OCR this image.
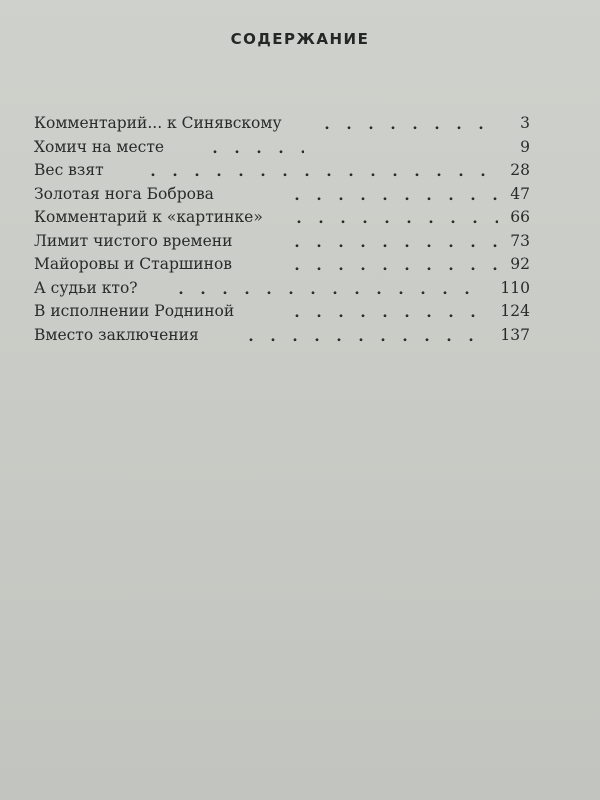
СОДЕРЖАНИЕ
Комментарий... к Синявскому	3
Хомич на месте	9
Вес взят	28
Золотая нога Боброва	47
Комментарий к «картинке»	66
Лимит чистого времени	73
Майоровы и Старшинов	92
А судьи кто?	110
В исполнении Родниной	124
Вместо заключения	137
